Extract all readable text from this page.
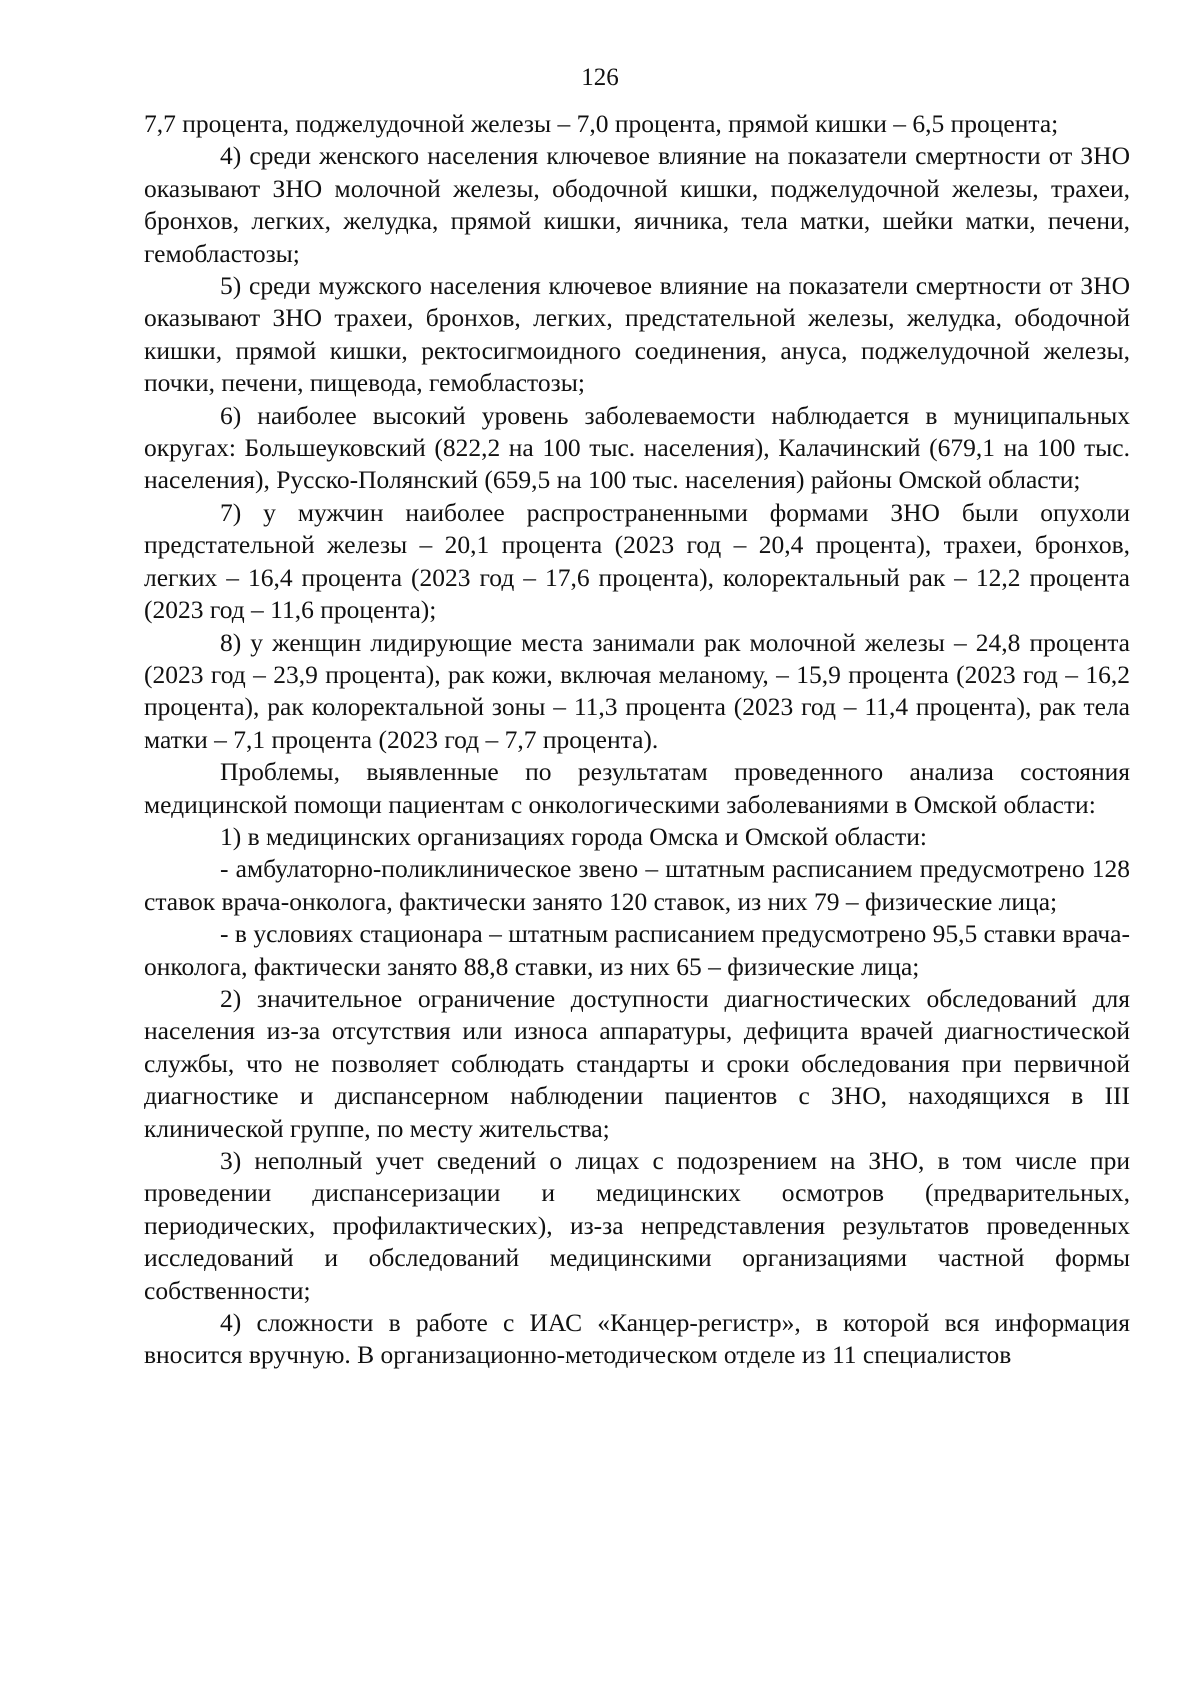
126

7,7 процента, поджелудочной железы – 7,0 процента, прямой кишки – 6,5 процента;

4) среди женского населения ключевое влияние на показатели смертности от ЗНО оказывают ЗНО молочной железы, ободочной кишки, поджелудочной железы, трахеи, бронхов, легких, желудка, прямой кишки, яичника, тела матки, шейки матки, печени, гемобластозы;

5) среди мужского населения ключевое влияние на показатели смертности от ЗНО оказывают ЗНО трахеи, бронхов, легких, предстательной железы, желудка, ободочной кишки, прямой кишки, ректосигмоидного соединения, ануса, поджелудочной железы, почки, печени, пищевода, гемобластозы;

6) наиболее высокий уровень заболеваемости наблюдается в муниципальных округах: Большеуковский (822,2 на 100 тыс. населения), Калачинский (679,1 на 100 тыс. населения), Русско-Полянский (659,5 на 100 тыс. населения) районы Омской области;

7) у мужчин наиболее распространенными формами ЗНО были опухоли предстательной железы – 20,1 процента (2023 год – 20,4 процента), трахеи, бронхов, легких – 16,4 процента (2023 год – 17,6 процента), колоректальный рак – 12,2 процента (2023 год – 11,6 процента);

8) у женщин лидирующие места занимали рак молочной железы – 24,8 процента (2023 год – 23,9 процента), рак кожи, включая меланому, – 15,9 процента (2023 год – 16,2 процента), рак колоректальной зоны – 11,3 процента (2023 год – 11,4 процента), рак тела матки – 7,1 процента (2023 год – 7,7 процента).

Проблемы, выявленные по результатам проведенного анализа состояния медицинской помощи пациентам с онкологическими заболеваниями в Омской области:

1) в медицинских организациях города Омска и Омской области:

- амбулаторно-поликлиническое звено – штатным расписанием предусмотрено 128 ставок врача-онколога, фактически занято 120 ставок, из них 79 – физические лица;

- в условиях стационара – штатным расписанием предусмотрено 95,5 ставки врача-онколога, фактически занято 88,8 ставки, из них 65 – физические лица;

2) значительное ограничение доступности диагностических обследований для населения из-за отсутствия или износа аппаратуры, дефицита врачей диагностической службы, что не позволяет соблюдать стандарты и сроки обследования при первичной диагностике и диспансерном наблюдении пациентов с ЗНО, находящихся в III клинической группе, по месту жительства;

3) неполный учет сведений о лицах с подозрением на ЗНО, в том числе при проведении диспансеризации и медицинских осмотров (предварительных, периодических, профилактических), из-за непредставления результатов проведенных исследований и обследований медицинскими организациями частной формы собственности;

4) сложности в работе с ИАС «Канцер-регистр», в которой вся информация вносится вручную. В организационно-методическом отделе из 11 специалистов
